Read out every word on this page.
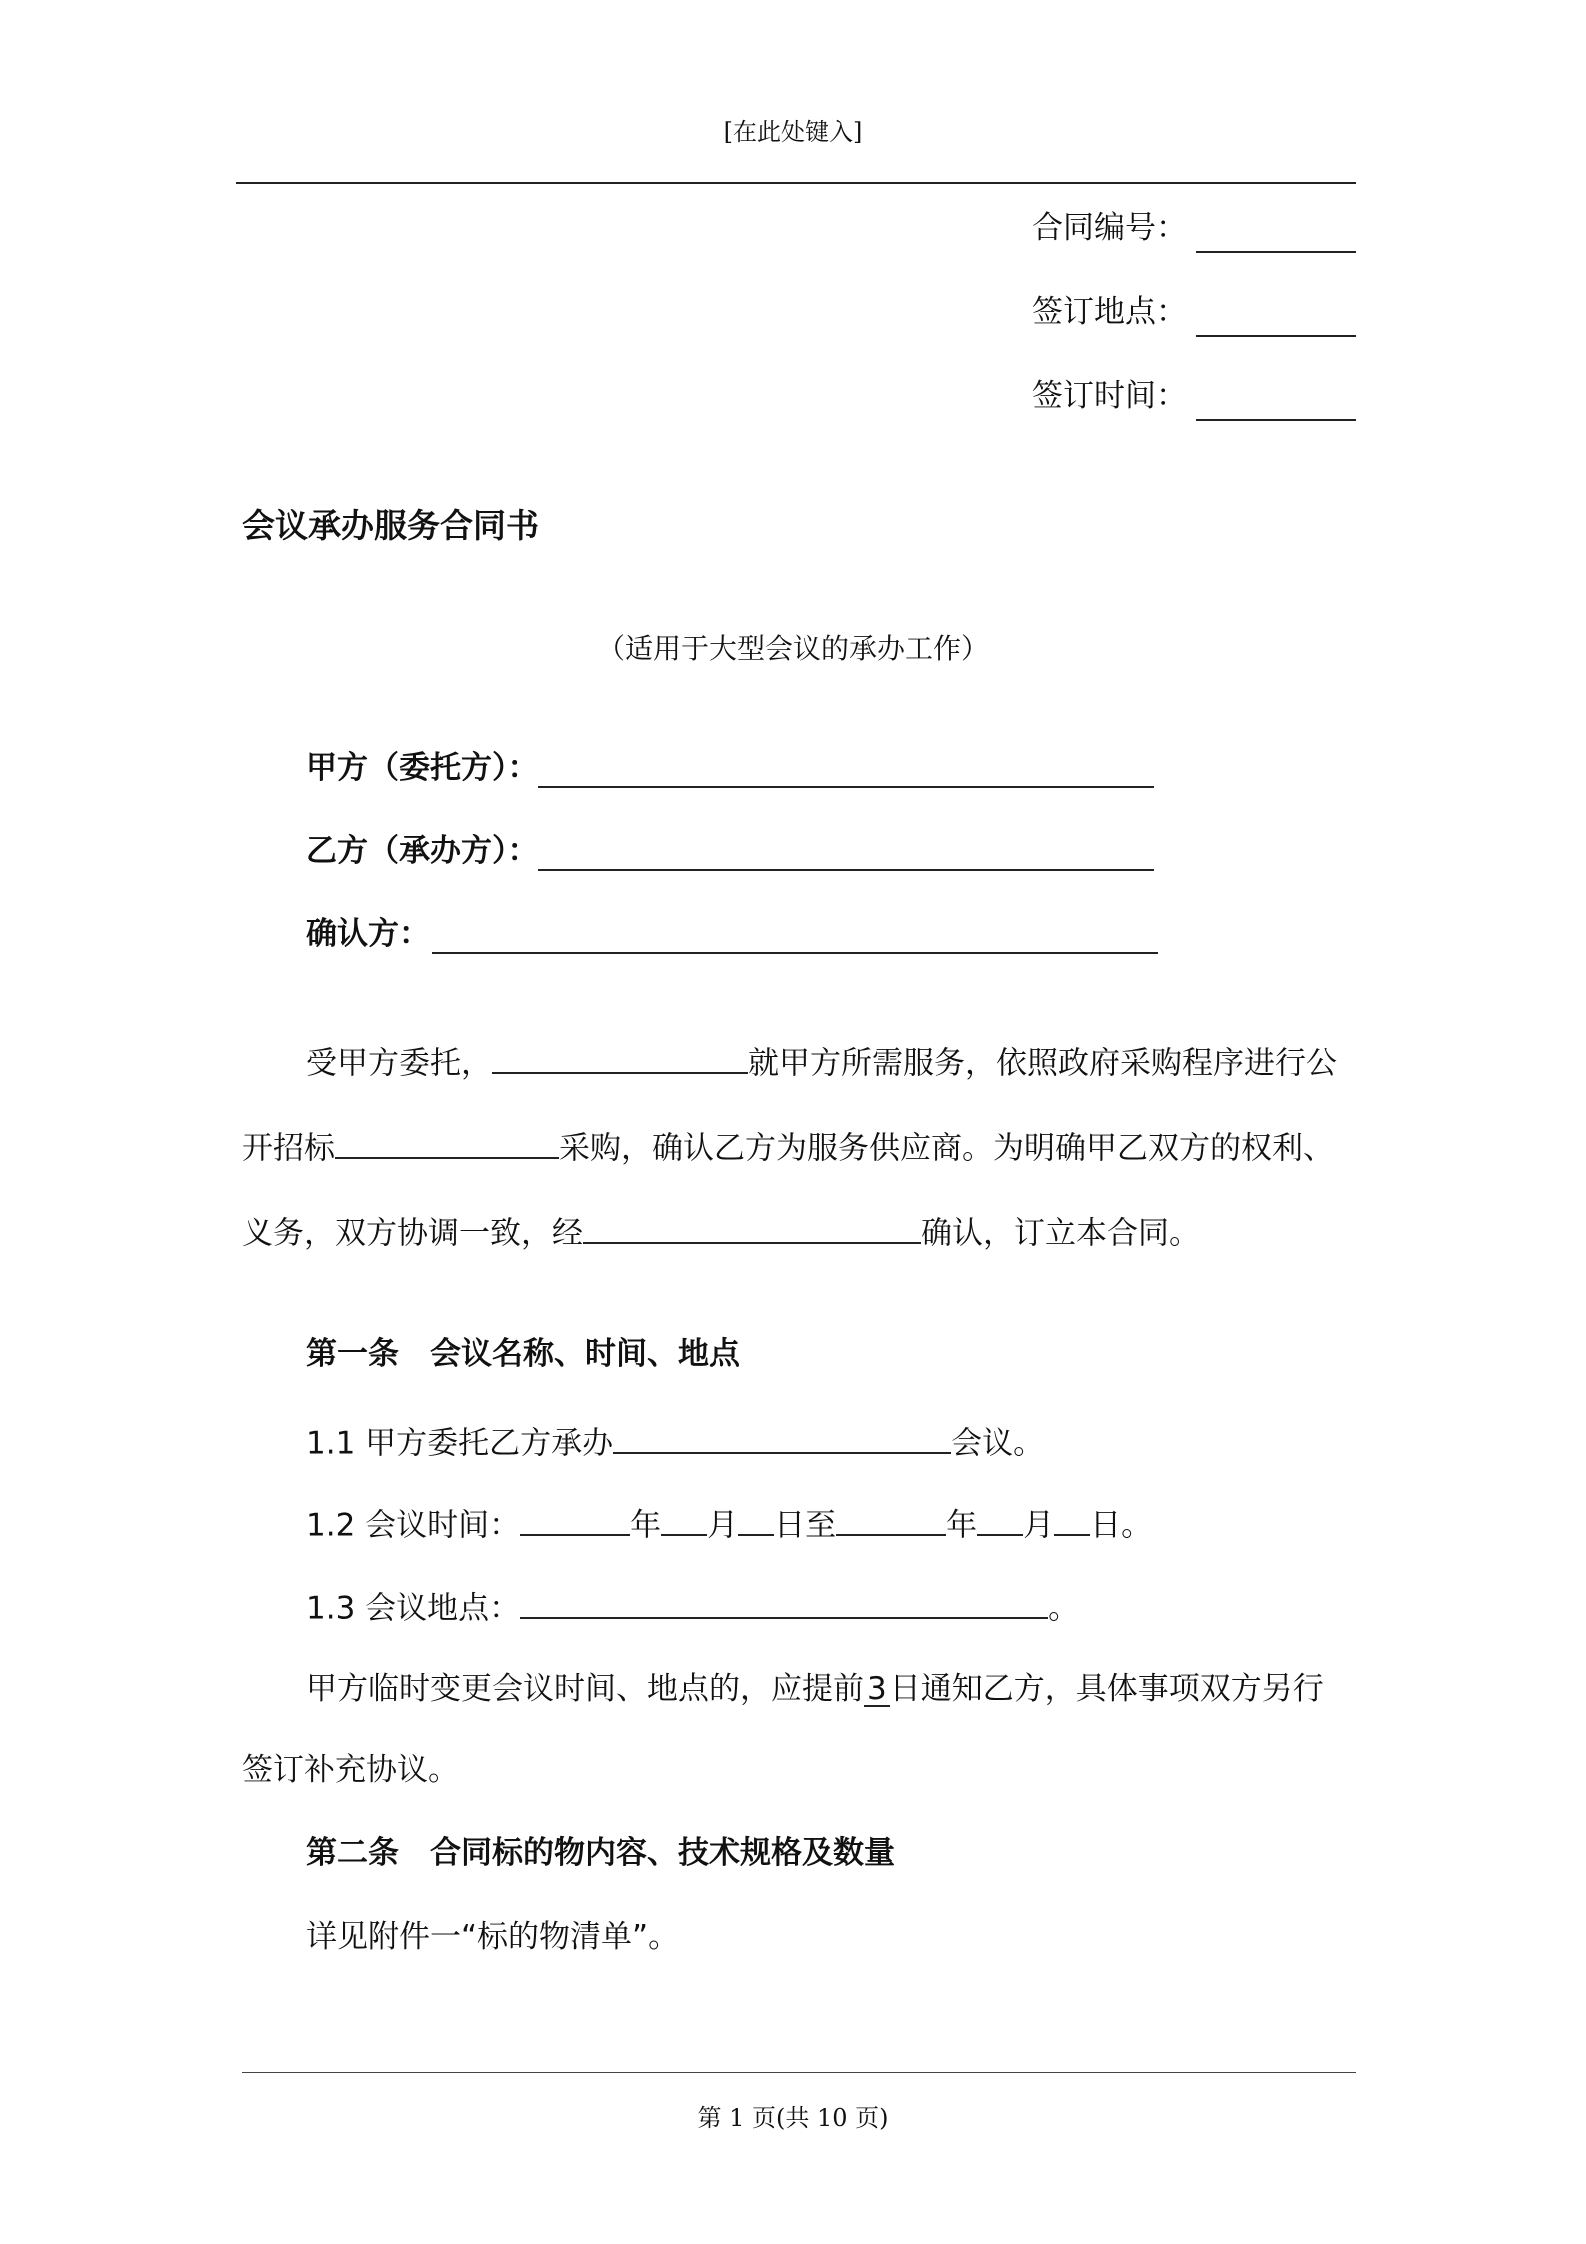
[在此处键入]
合同编号：
签订地点：
签订时间：
会议承办服务合同书
（适用于大型会议的承办工作）
甲方（委托方）：
乙方（承办方）：
确认方：
受甲方委托，	就甲方所需服务，依照政府采购程序进行公
开招标	采购，确认乙方为服务供应商。为明确甲乙双方的权利、
义务，双方协调一致，经	确认，订立本合同。
第一条　会议名称、时间、地点
1.1 甲方委托乙方承办	会议。
1.2 会议时间：	年 月 日至	年 月 日。
1.3 会议地点：	。
甲方临时变更会议时间、地点的，应提前3日通知乙方，具体事项双方另行
签订补充协议。
第二条　合同标的物内容、技术规格及数量
详见附件一“标的物清单”。
第 1 页(共 10 页)
